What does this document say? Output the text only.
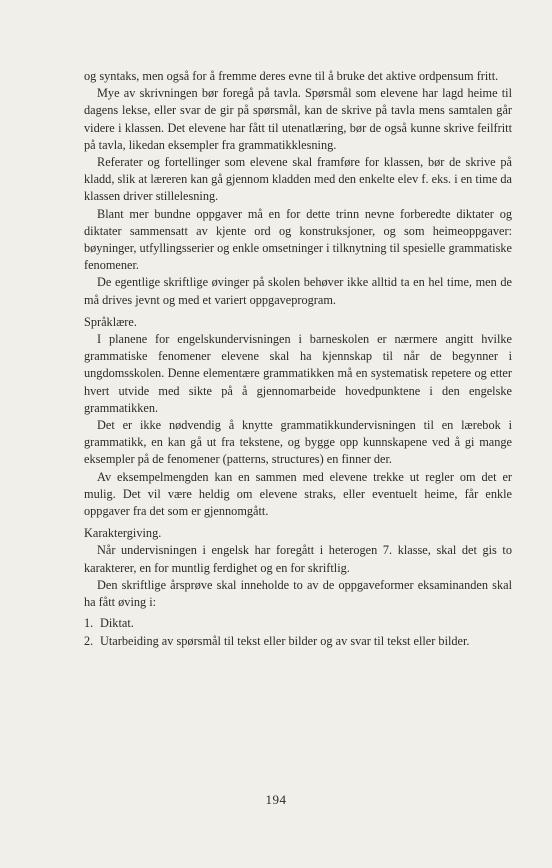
og syntaks, men også for å fremme deres evne til å bruke det aktive ordpensum fritt.

Mye av skrivningen bør foregå på tavla. Spørsmål som elevene har lagd heime til dagens lekse, eller svar de gir på spørsmål, kan de skrive på tavla mens samtalen går videre i klassen. Det elevene har fått til utenatlæring, bør de også kunne skrive feilfritt på tavla, likedan eksempler fra grammatikklesning.

Referater og fortellinger som elevene skal framføre for klassen, bør de skrive på kladd, slik at læreren kan gå gjennom kladden med den enkelte elev f. eks. i en time da klassen driver stillelesning.

Blant mer bundne oppgaver må en for dette trinn nevne forberedte diktater og diktater sammensatt av kjente ord og konstruksjoner, og som heimeoppgaver: bøyninger, utfyllingsserier og enkle omsetninger i tilknytning til spesielle grammatiske fenomener.

De egentlige skriftlige øvinger på skolen behøver ikke alltid ta en hel time, men de må drives jevnt og med et variert oppgaveprogram.

Språklære.

I planene for engelskundervisningen i barneskolen er nærmere angitt hvilke grammatiske fenomener elevene skal ha kjennskap til når de begynner i ungdomsskolen. Denne elementære grammatikken må en systematisk repetere og etter hvert utvide med sikte på å gjennomarbeide hovedpunktene i den engelske grammatikken.

Det er ikke nødvendig å knytte grammatikkundervisningen til en lærebok i grammatikk, en kan gå ut fra tekstene, og bygge opp kunnskapene ved å gi mange eksempler på de fenomener (patterns, structures) en finner der.

Av eksempelmengden kan en sammen med elevene trekke ut regler om det er mulig. Det vil være heldig om elevene straks, eller eventuelt heime, får enkle oppgaver fra det som er gjennomgått.

Karaktergiving.

Når undervisningen i engelsk har foregått i heterogen 7. klasse, skal det gis to karakterer, en for muntlig ferdighet og en for skriftlig.

Den skriftlige årsprøve skal inneholde to av de oppgaveformer eksaminanden skal ha fått øving i:

1. Diktat.
2. Utarbeiding av spørsmål til tekst eller bilder og av svar til tekst eller bilder.
194
